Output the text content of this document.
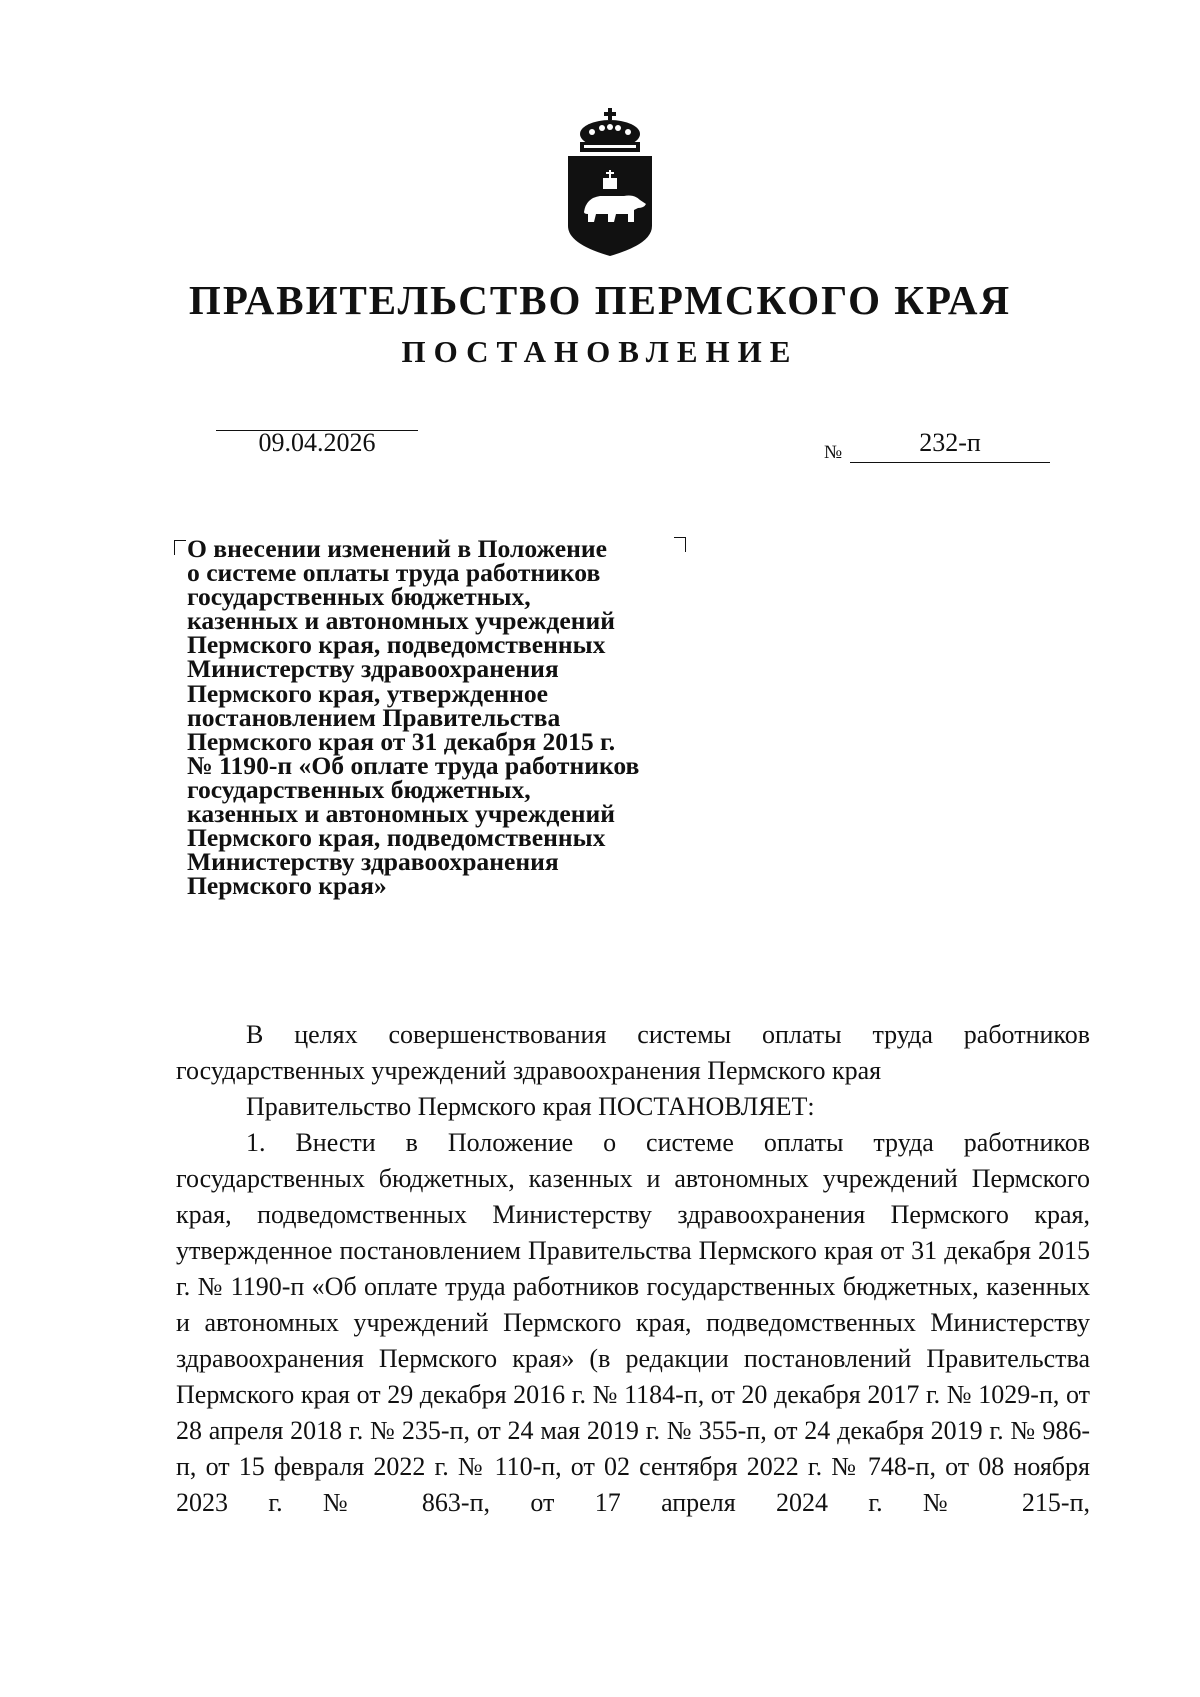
ПРАВИТЕЛЬСТВО ПЕРМСКОГО КРАЯ
ПОСТАНОВЛЕНИЕ
09.04.2026	№	232-п

О внесении изменений в Положение
о системе оплаты труда работников
государственных бюджетных,
казенных и автономных учреждений
Пермского края, подведомственных
Министерству здравоохранения
Пермского края, утвержденное
постановлением Правительства
Пермского края от 31 декабря 2015 г.
№ 1190-п «Об оплате труда работников
государственных бюджетных,
казенных и автономных учреждений
Пермского края, подведомственных
Министерству здравоохранения
Пермского края»

В целях совершенствования системы оплаты труда работников государственных учреждений здравоохранения Пермского края

Правительство Пермского края ПОСТАНОВЛЯЕТ:

1. Внести в Положение о системе оплаты труда работников государственных бюджетных, казенных и автономных учреждений Пермского края, подведомственных Министерству здравоохранения Пермского края, утвержденное постановлением Правительства Пермского края от 31 декабря 2015 г. № 1190-п «Об оплате труда работников государственных бюджетных, казенных и автономных учреждений Пермского края, подведомственных Министерству здравоохранения Пермского края» (в редакции постановлений Правительства Пермского края от 29 декабря 2016 г. № 1184-п, от 20 декабря 2017 г. № 1029-п, от 28 апреля 2018 г. № 235-п, от 24 мая 2019 г. № 355-п, от 24 декабря 2019 г. № 986-п, от 15 февраля 2022 г. № 110-п, от 02 сентября 2022 г. № 748-п, от 08 ноября 2023 г. № 863-п, от 17 апреля 2024 г. № 215-п,
